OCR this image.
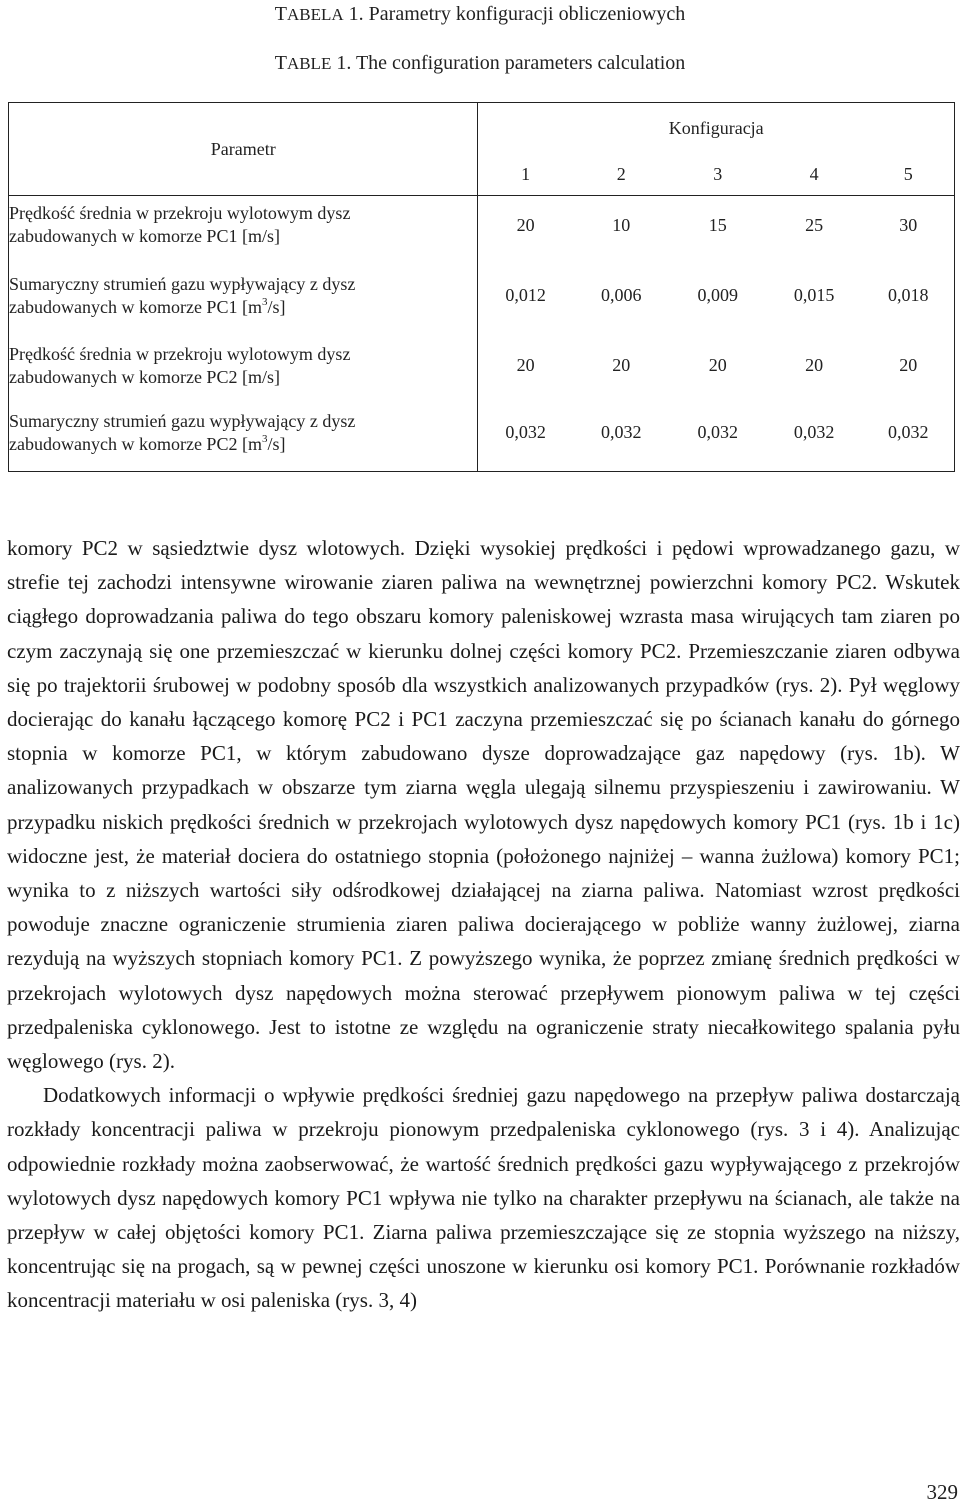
TABELA 1. Parametry konfiguracji obliczeniowych
TABLE 1. The configuration parameters calculation
Parametr	Konfiguracja				
	1	2	3	4	5

Prędkość średnia w przekroju wylotowym dysz
zabudowanych w komorze PC1 [m/s]	20	10	15	25	30

Sumaryczny strumień gazu wypływający z dysz
zabudowanych w komorze PC1 $[m^3/s]$	0,012	0,006	0,009	0,015	0,018

Prędkość średnia w przekroju wylotowym dysz
zabudowanych w komorze PC2 [m/s]	20	20	20	20	20

Sumaryczny strumień gazu wypływający z dysz
zabudowanych w komorze PC2 $[m^3/s]$	0,032	0,032	0,032	0,032	0,032

komory PC2 w sąsiedztwie dysz wlotowych. Dzięki wysokiej prędkości i pędowi wprowadzanego gazu, w strefie tej zachodzi intensywne wirowanie ziaren paliwa na wewnętrznej powierzchni komory PC2. Wskutek ciągłego doprowadzania paliwa do tego obszaru komory paleniskowej wzrasta masa wirujących tam ziaren po czym zaczynają się one przemieszczać w kierunku dolnej części komory PC2. Przemieszczanie ziaren odbywa się po trajektorii śrubowej w podobny sposób dla wszystkich analizowanych przypadków (rys. 2). Pył węglowy docierając do kanału łączącego komorę PC2 i PC1 zaczyna przemieszczać się po ścianach kanału do górnego stopnia w komorze PC1, w którym zabudowano dysze doprowadzające gaz napędowy (rys. 1b). W analizowanych przypadkach w obszarze tym ziarna węgla ulegają silnemu przyspieszeniu i zawirowaniu. W przypadku niskich prędkości średnich w przekrojach wylotowych dysz napędowych komory PC1 (rys. 1b i 1c) widoczne jest, że materiał dociera do ostatniego stopnia (położonego najniżej – wanna żużlowa) komory PC1; wynika to z niższych wartości siły odśrodkowej działającej na ziarna paliwa. Natomiast wzrost prędkości powoduje znaczne ograniczenie strumienia ziaren paliwa docierającego w pobliże wanny żużlowej, ziarna rezydują na wyższych stopniach komory PC1. Z powyższego wynika, że poprzez zmianę średnich prędkości w przekrojach wylotowych dysz napędowych można sterować przepływem pionowym paliwa w tej części przedpaleniska cyklonowego. Jest to istotne ze względu na ograniczenie straty niecałkowitego spalania pyłu węglowego (rys. 2).

Dodatkowych informacji o wpływie prędkości średniej gazu napędowego na przepływ paliwa dostarczają rozkłady koncentracji paliwa w przekroju pionowym przedpaleniska cyklonowego (rys. 3 i 4). Analizując odpowiednie rozkłady można zaobserwować, że wartość średnich prędkości gazu wypływającego z przekrojów wylotowych dysz napędowych komory PC1 wpływa nie tylko na charakter przepływu na ścianach, ale także na przepływ w całej objętości komory PC1. Ziarna paliwa przemieszczające się ze stopnia wyższego na niższy, koncentrując się na progach, są w pewnej części unoszone w kierunku osi komory PC1. Porównanie rozkładów koncentracji materiału w osi paleniska (rys. 3, 4)

329
